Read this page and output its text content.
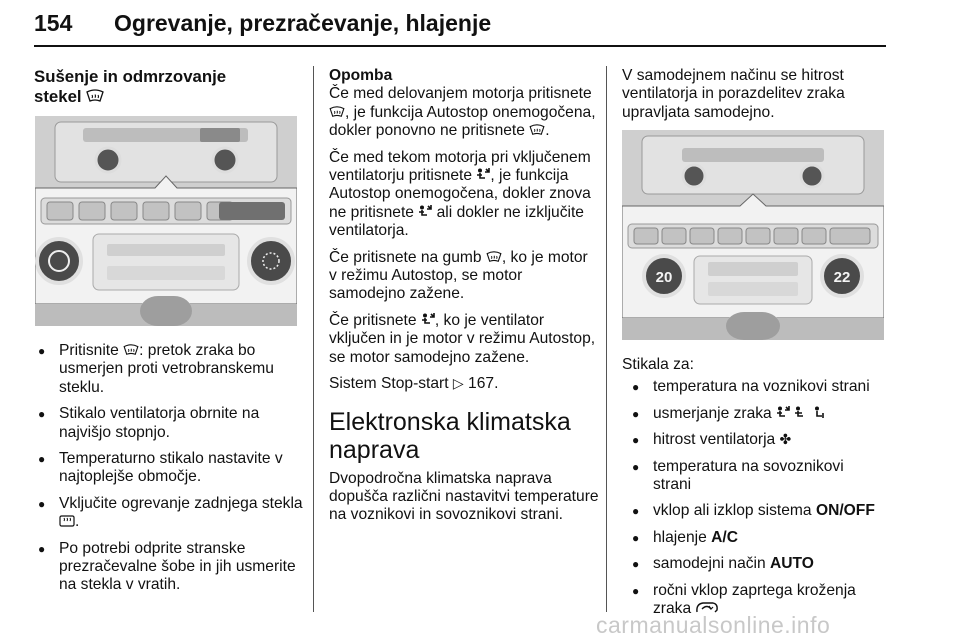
154 Ogrevanje, prezračevanje, hlajenje
Sušenje in odmrzovanje
stekel
● Pritisnite : pretok zraka bo usmerjen proti vetrobranskemu steklu.
● Stikalo ventilatorja obrnite na najvišjo stopnjo.
● Temperaturno stikalo nastavite v najtoplejše območje.
● Vključite ogrevanje zadnjega stekla .
● Po potrebi odprite stranske prezračevalne šobe in jih usmerite na stekla v vratih.
Opomba

Če med delovanjem motorja pritisnete , je funkcija Autostop onemogočena, dokler ponovno ne pritisnete .

Če med tekom motorja pri vključenem ventilatorju pritisnete , je funkcija Autostop onemogočena, dokler znova ne pritisnete  ali dokler ne izključite ventilatorja.

Če pritisnete na gumb , ko je motor v režimu Autostop, se motor samodejno zažene.

Če pritisnete , ko je ventilator vključen in je motor v režimu Autostop, se motor samodejno zažene.

Sistem Stop-start ▷ 167.

Elektronska klimatska naprava

Dvopodročna klimatska naprava dopušča različni nastavitvi temperature na voznikovi in sovoznikovi strani.

V samodejnem načinu se hitrost ventilatorja in porazdelitev zraka upravljata samodejno.

20	22

Stikala za:

● temperatura na voznikovi strani
● usmerjanje zraka
● hitrost ventilatorja ✤
● temperatura na sovoznikovi strani
● vklop ali izklop sistema ON/OFF
● hlajenje A/C
● samodejni način AUTO
● ročni vklop zaprtega kroženja zraka
carmanualsonline.info
